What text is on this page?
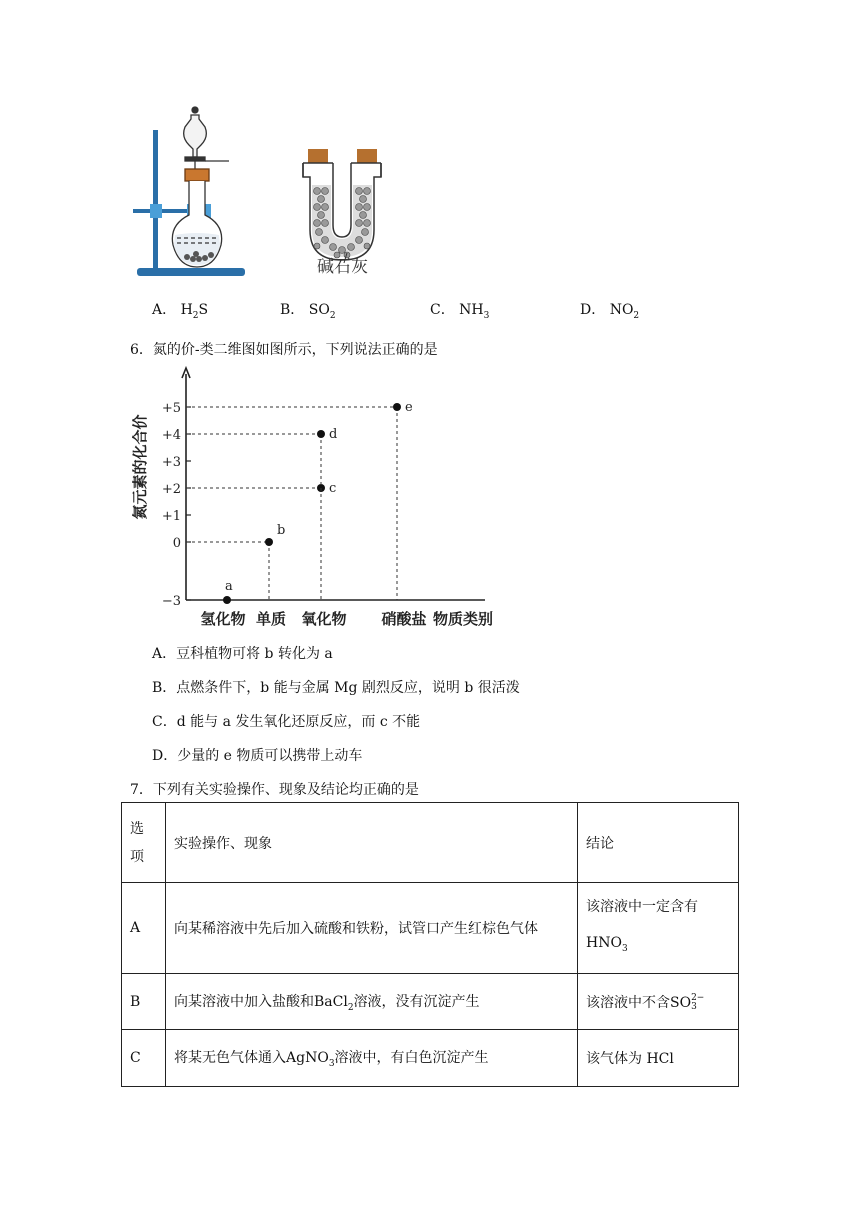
碱石灰
A． $H_2S$	B． $SO_2$	C． $NH_3$	D． $NO_2$
6．氮的价-类二维图如图所示，下列说法正确的是
+5
+4
+3
+2
+1
0
−3
氮元素的化合价
氢化物 单质 氧化物 硝酸盐 物质类别
a
b
c
d
e
A．豆科植物可将 b 转化为 a
B．点燃条件下，b 能与金属 Mg 剧烈反应，说明 b 很活泼
C．d 能与 a 发生氧化还原反应，而 c 不能
D．少量的 e 物质可以携带上动车
7．下列有关实验操作、现象及结论均正确的是
选
项	实验操作、现象	结论
A	向某稀溶液中先后加入硫酸和铁粉，试管口产生红棕色气体	该溶液中一定含有
$HNO_3$
B	向某溶液中加入盐酸和BaCl$_2$溶液，没有沉淀产生	该溶液中不含SO 2−
3

C	将某无色气体通入AgNO$_3$溶液中，有白色沉淀产生	该气体为 HCl
